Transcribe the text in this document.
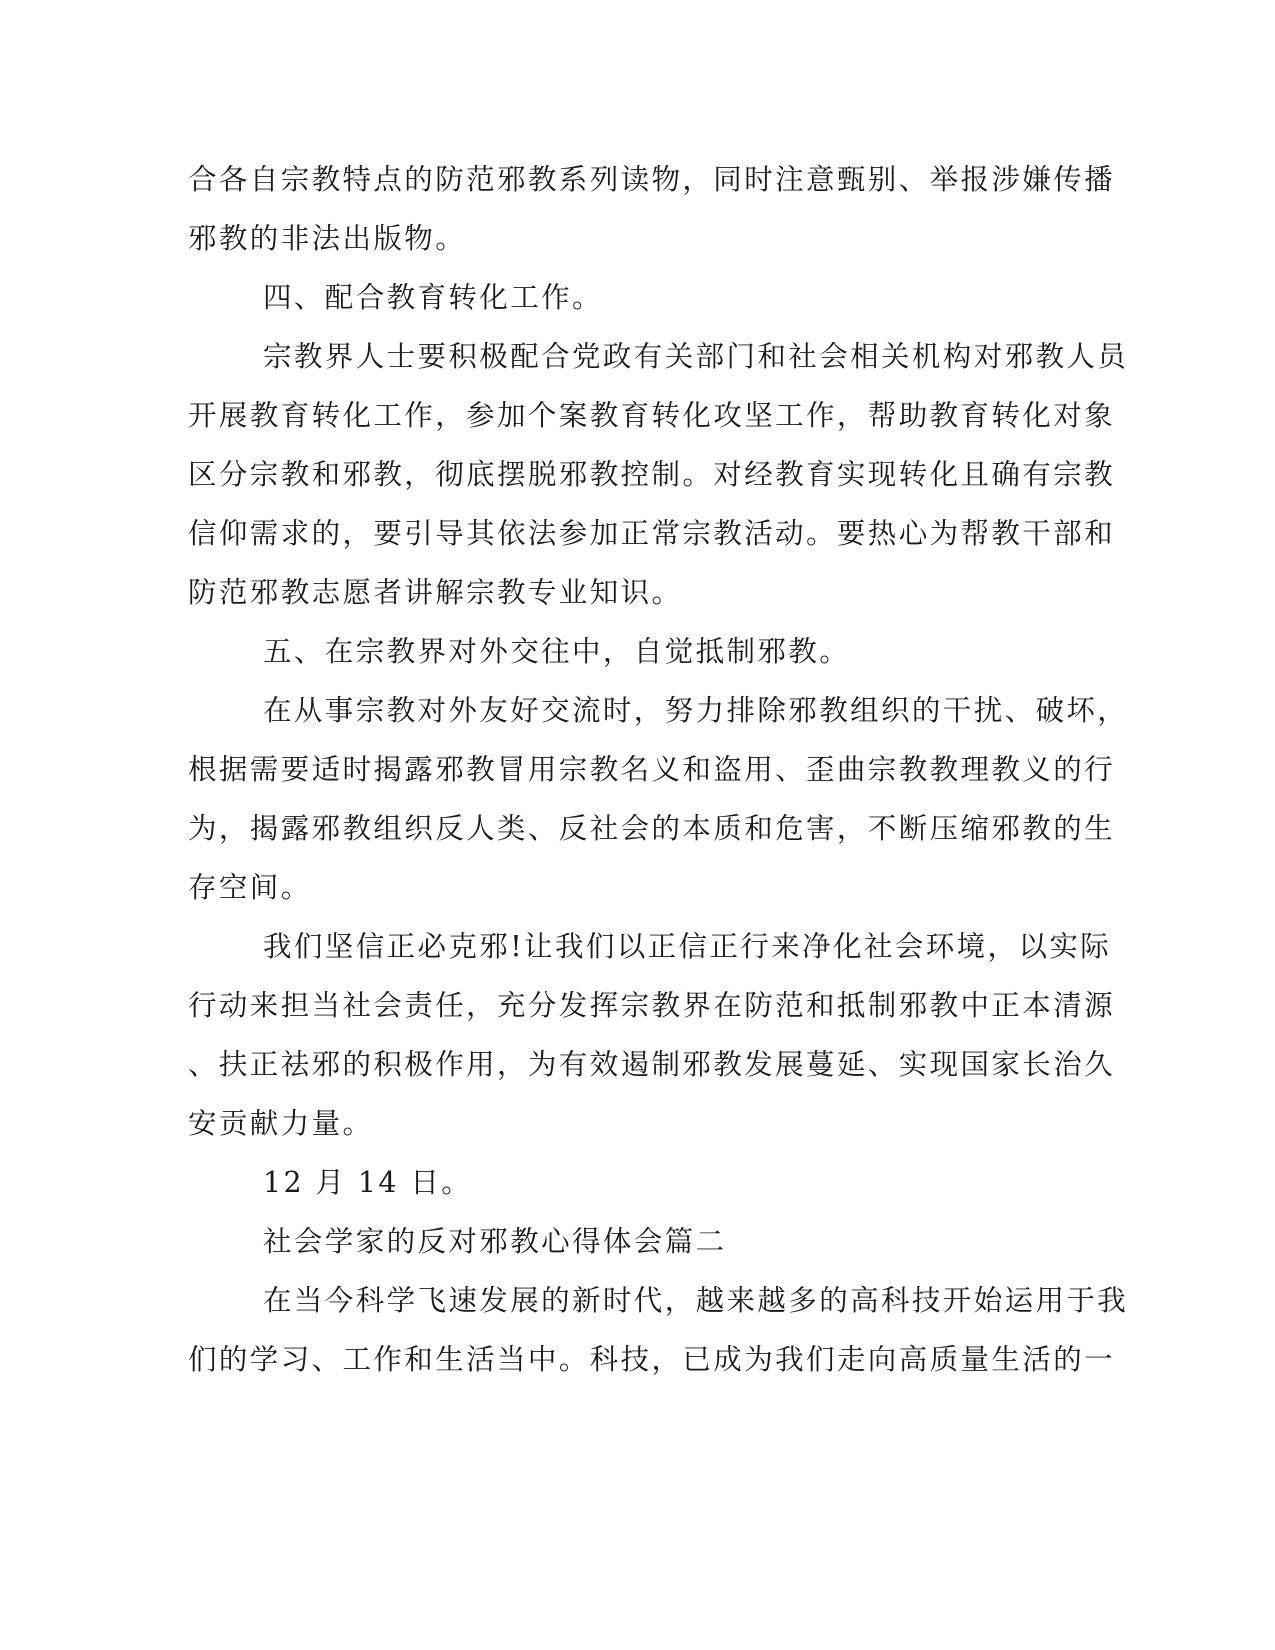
合各自宗教特点的防范邪教系列读物，同时注意甄别、举报涉嫌传播
邪教的非法出版物。
四、配合教育转化工作。
宗教界人士要积极配合党政有关部门和社会相关机构对邪教人员
开展教育转化工作，参加个案教育转化攻坚工作，帮助教育转化对象
区分宗教和邪教，彻底摆脱邪教控制。对经教育实现转化且确有宗教
信仰需求的，要引导其依法参加正常宗教活动。要热心为帮教干部和
防范邪教志愿者讲解宗教专业知识。
五、在宗教界对外交往中，自觉抵制邪教。
在从事宗教对外友好交流时，努力排除邪教组织的干扰、破坏，
根据需要适时揭露邪教冒用宗教名义和盗用、歪曲宗教教理教义的行
为，揭露邪教组织反人类、反社会的本质和危害，不断压缩邪教的生
存空间。
我们坚信正必克邪!让我们以正信正行来净化社会环境，以实际
行动来担当社会责任，充分发挥宗教界在防范和抵制邪教中正本清源
、扶正祛邪的积极作用，为有效遏制邪教发展蔓延、实现国家长治久
安贡献力量。
12 月 14 日。
社会学家的反对邪教心得体会篇二
在当今科学飞速发展的新时代，越来越多的高科技开始运用于我
们的学习、工作和生活当中。科技，已成为我们走向高质量生活的一
